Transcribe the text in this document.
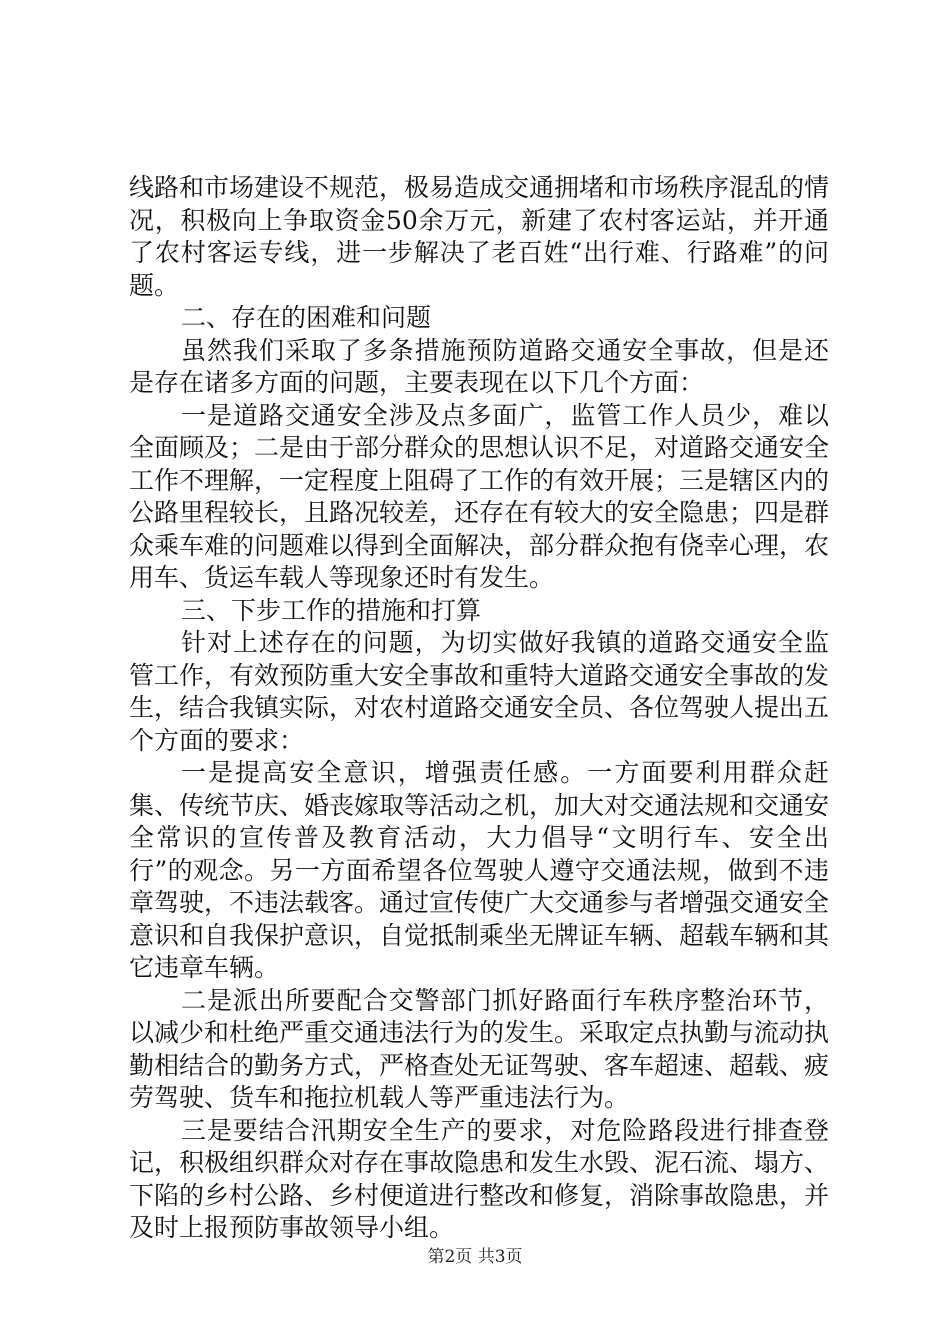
线路和市场建设不规范，极易造成交通拥堵和市场秩序混乱的情况，积极向上争取资金50余万元，新建了农村客运站，并开通了农村客运专线，进一步解决了老百姓“出行难、行路难”的问题。

二、存在的困难和问题

虽然我们采取了多条措施预防道路交通安全事故，但是还是存在诸多方面的问题，主要表现在以下几个方面：

一是道路交通安全涉及点多面广，监管工作人员少，难以全面顾及；二是由于部分群众的思想认识不足，对道路交通安全工作不理解，一定程度上阻碍了工作的有效开展；三是辖区内的公路里程较长，且路况较差，还存在有较大的安全隐患；四是群众乘车难的问题难以得到全面解决，部分群众抱有侥幸心理，农用车、货运车载人等现象还时有发生。

三、下步工作的措施和打算

针对上述存在的问题，为切实做好我镇的道路交通安全监管工作，有效预防重大安全事故和重特大道路交通安全事故的发生，结合我镇实际，对农村道路交通安全员、各位驾驶人提出五个方面的要求：

一是提高安全意识，增强责任感。一方面要利用群众赶集、传统节庆、婚丧嫁取等活动之机，加大对交通法规和交通安全常识的宣传普及教育活动，大力倡导“文明行车、安全出行”的观念。另一方面希望各位驾驶人遵守交通法规，做到不违章驾驶，不违法载客。通过宣传使广大交通参与者增强交通安全意识和自我保护意识，自觉抵制乘坐无牌证车辆、超载车辆和其它违章车辆。

二是派出所要配合交警部门抓好路面行车秩序整治环节，以减少和杜绝严重交通违法行为的发生。采取定点执勤与流动执勤相结合的勤务方式，严格查处无证驾驶、客车超速、超载、疲劳驾驶、货车和拖拉机载人等严重违法行为。

三是要结合汛期安全生产的要求，对危险路段进行排查登记，积极组织群众对存在事故隐患和发生水毁、泥石流、塌方、下陷的乡村公路、乡村便道进行整改和修复，消除事故隐患，并及时上报预防事故领导小组。

第2页 共3页
